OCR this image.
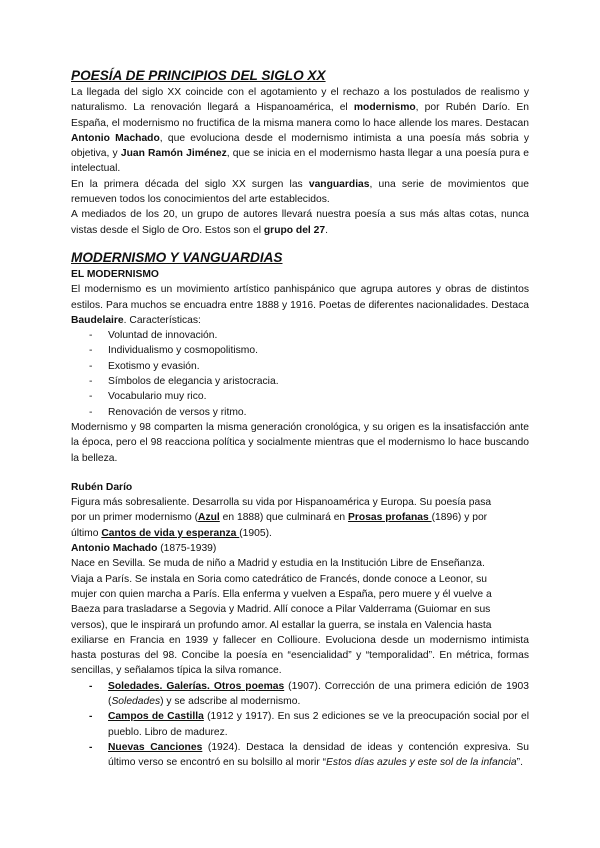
POESÍA DE PRINCIPIOS DEL SIGLO XX

La llegada del siglo XX coincide con el agotamiento y el rechazo a los postulados de realismo y naturalismo. La renovación llegará a Hispanoamérica, el modernismo, por Rubén Darío. En España, el modernismo no fructifica de la misma manera como lo hace allende los mares. Destacan Antonio Machado, que evoluciona desde el modernismo intimista a una poesía más sobria y objetiva, y Juan Ramón Jiménez, que se inicia en el modernismo hasta llegar a una poesía pura e intelectual.

En la primera década del siglo XX surgen las vanguardias, una serie de movimientos que remueven todos los conocimientos del arte establecidos.

A mediados de los 20, un grupo de autores llevará nuestra poesía a sus más altas cotas, nunca vistas desde el Siglo de Oro. Estos son el grupo del 27.

MODERNISMO Y VANGUARDIAS

EL MODERNISMO

El modernismo es un movimiento artístico panhispánico que agrupa autores y obras de distintos estilos. Para muchos se encuadra entre 1888 y 1916. Poetas de diferentes nacionalidades. Destaca Baudelaire. Características:

- Voluntad de innovación.
- Individualismo y cosmopolitismo.
- Exotismo y evasión.
- Símbolos de elegancia y aristocracia.
- Vocabulario muy rico.
- Renovación de versos y ritmo.

Modernismo y 98 comparten la misma generación cronológica, y su origen es la insatisfacción ante la época, pero el 98 reacciona política y socialmente mientras que el modernismo lo hace buscando la belleza.

Rubén Darío

Figura más sobresaliente. Desarrolla su vida por Hispanoamérica y Europa. Su poesía pasa
por un primer modernismo (Azul en 1888) que culminará en Prosas profanas (1896) y por
último Cantos de vida y esperanza (1905).

Antonio Machado (1875-1939)

Nace en Sevilla. Se muda de niño a Madrid y estudia en la Institución Libre de Enseñanza.
Viaja a París. Se instala en Soria como catedrático de Francés, donde conoce a Leonor, su
mujer con quien marcha a París. Ella enferma y vuelven a España, pero muere y él vuelve a
Baeza para trasladarse a Segovia y Madrid. Allí conoce a Pilar Valderrama (Guiomar en sus
versos), que le inspirará un profundo amor. Al estallar la guerra, se instala en Valencia hasta

exiliarse en Francia en 1939 y fallecer en Collioure. Evoluciona desde un modernismo intimista hasta posturas del 98. Concibe la poesía en “esencialidad” y “temporalidad”. En métrica, formas sencillas, y señalamos típica la silva romance.

- Soledades. Galerías. Otros poemas (1907). Corrección de una primera edición de 1903 (Soledades) y se adscribe al modernismo.
- Campos de Castilla (1912 y 1917). En sus 2 ediciones se ve la preocupación social por el pueblo. Libro de madurez.
- Nuevas Canciones (1924). Destaca la densidad de ideas y contención expresiva. Su último verso se encontró en su bolsillo al morir “Estos días azules y este sol de la infancia”.
